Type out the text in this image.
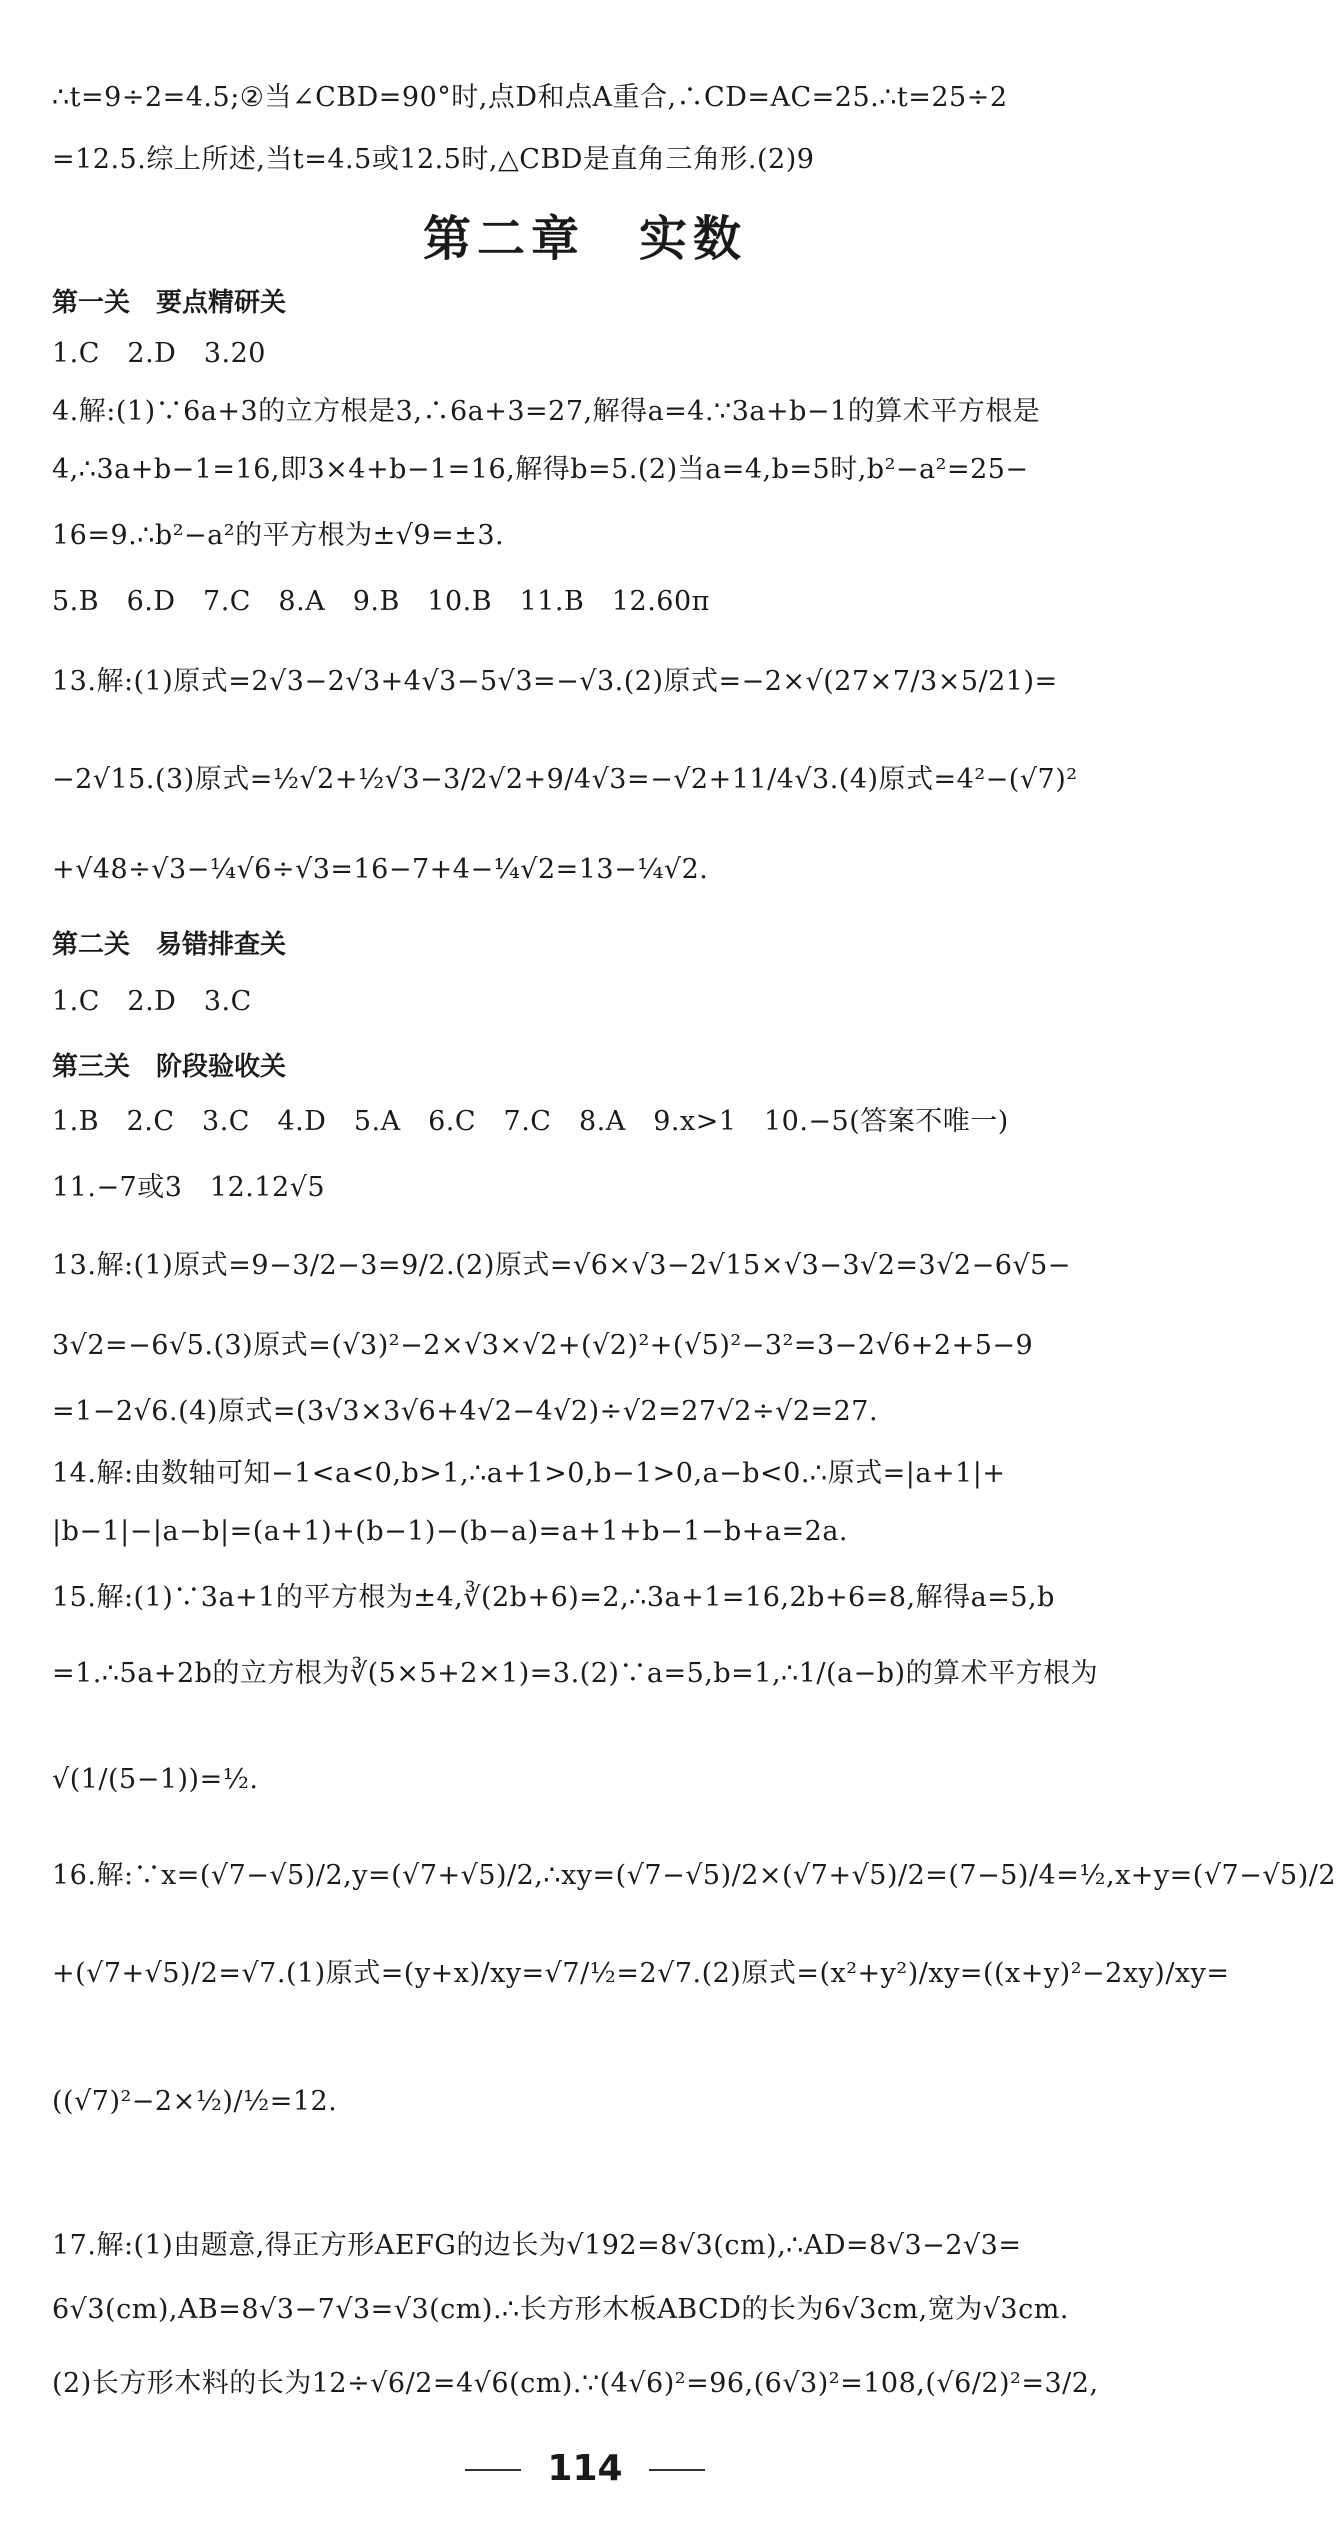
∴t=9÷2=4.5;②当∠CBD=90°时,点D和点A重合,∴CD=AC=25.∴t=25÷2
=12.5.综上所述,当t=4.5或12.5时,△CBD是直角三角形.(2)9
第二章　实数
第一关　要点精研关
1.C　2.D　3.20
4.解:(1)∵6a+3的立方根是3,∴6a+3=27,解得a=4.∵3a+b−1的算术平方根是
4,∴3a+b−1=16,即3×4+b−1=16,解得b=5.(2)当a=4,b=5时,b²−a²=25−
16=9.∴b²−a²的平方根为±√9=±3.
5.B　6.D　7.C　8.A　9.B　10.B　11.B　12.60π
13.解:(1)原式=2√3−2√3+4√3−5√3=−√3.(2)原式=−2×√(27×7/3×5/21)=
−2√15.(3)原式=½√2+½√3−3/2√2+9/4√3=−√2+11/4√3.(4)原式=4²−(√7)²
+√48÷√3−¼√6÷√3=16−7+4−¼√2=13−¼√2.
第二关　易错排查关
1.C　2.D　3.C
第三关　阶段验收关
1.B　2.C　3.C　4.D　5.A　6.C　7.C　8.A　9.x>1　10.−5(答案不唯一)
11.−7或3　12.12√5
13.解:(1)原式=9−3/2−3=9/2.(2)原式=√6×√3−2√15×√3−3√2=3√2−6√5−
3√2=−6√5.(3)原式=(√3)²−2×√3×√2+(√2)²+(√5)²−3²=3−2√6+2+5−9
=1−2√6.(4)原式=(3√3×3√6+4√2−4√2)÷√2=27√2÷√2=27.
14.解:由数轴可知−1<a<0,b>1,∴a+1>0,b−1>0,a−b<0.∴原式=|a+1|+
|b−1|−|a−b|=(a+1)+(b−1)−(b−a)=a+1+b−1−b+a=2a.
15.解:(1)∵3a+1的平方根为±4,∛(2b+6)=2,∴3a+1=16,2b+6=8,解得a=5,b
=1.∴5a+2b的立方根为∛(5×5+2×1)=3.(2)∵a=5,b=1,∴1/(a−b)的算术平方根为
√(1/(5−1))=½.
16.解:∵x=(√7−√5)/2,y=(√7+√5)/2,∴xy=(√7−√5)/2×(√7+√5)/2=(7−5)/4=½,x+y=(√7−√5)/2
+(√7+√5)/2=√7.(1)原式=(y+x)/xy=√7/½=2√7.(2)原式=(x²+y²)/xy=((x+y)²−2xy)/xy=
((√7)²−2×½)/½=12.
17.解:(1)由题意,得正方形AEFG的边长为√192=8√3(cm),∴AD=8√3−2√3=
6√3(cm),AB=8√3−7√3=√3(cm).∴长方形木板ABCD的长为6√3cm,宽为√3cm.
(2)长方形木料的长为12÷√6/2=4√6(cm).∵(4√6)²=96,(6√3)²=108,(√6/2)²=3/2,
114
